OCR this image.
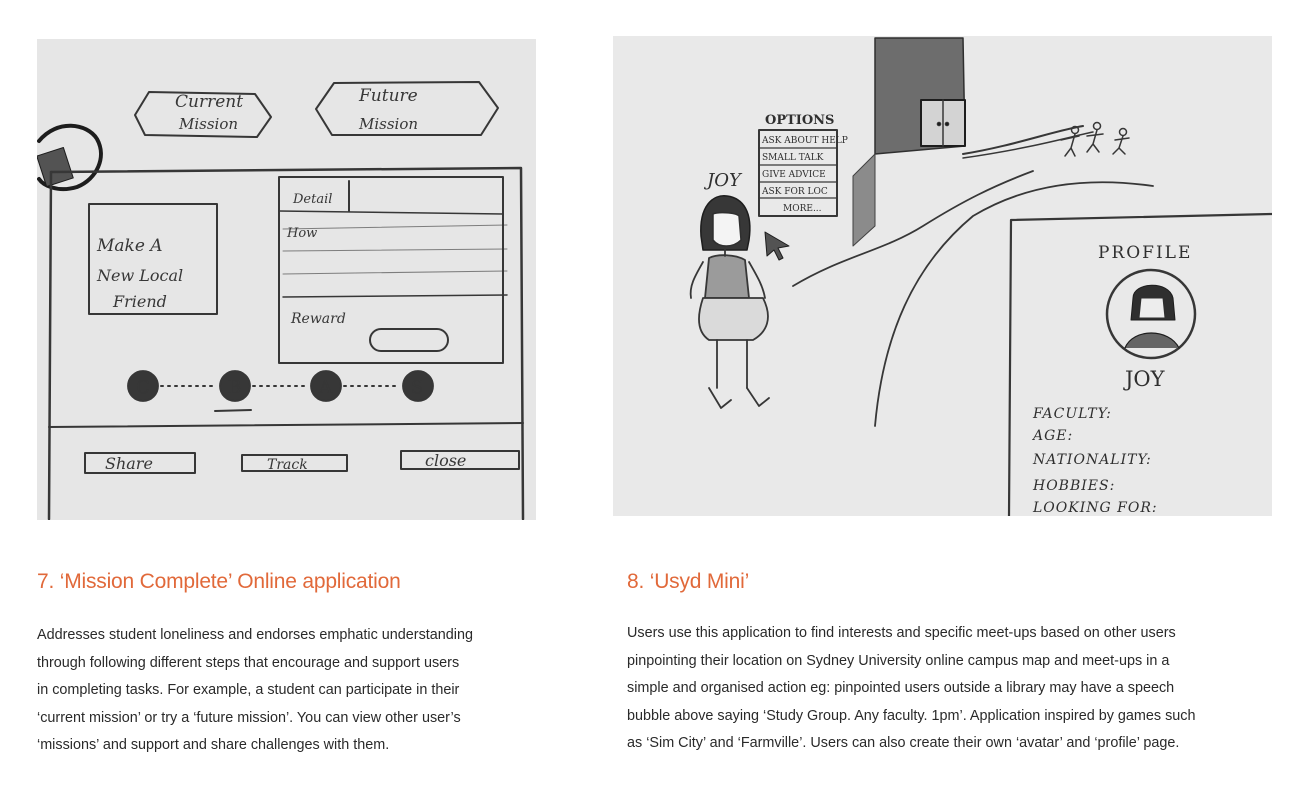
Current
Mission
Future
Mission
Make A
New Local
Friend
Detail
How
Reward
C	B	A	S
Share	Track	close
OPTIONS
ASK ABOUT HELP
SMALL TALK
GIVE ADVICE
ASK FOR LOC
MORE...
JOY
PROFILE
JOY
FACULTY:
AGE:
NATIONALITY:
HOBBIES:
LOOKING FOR:
7. ‘Mission Complete’ Online application

Addresses student loneliness and endorses emphatic understanding
through following different steps that encourage and support users
in completing tasks. For example, a student can participate in their
‘current mission’ or try a ‘future mission’. You can view other user’s
‘missions’ and support and share challenges with them.

8. ‘Usyd Mini’

Users use this application to find interests and specific meet-ups based on other users
pinpointing their location on Sydney University online campus map and meet-ups in a
simple and organised action eg: pinpointed users outside a library may have a speech
bubble above saying ‘Study Group. Any faculty. 1pm’. Application inspired by games such
as ‘Sim City’ and ‘Farmville’. Users can also create their own ‘avatar’ and ‘profile’ page.
